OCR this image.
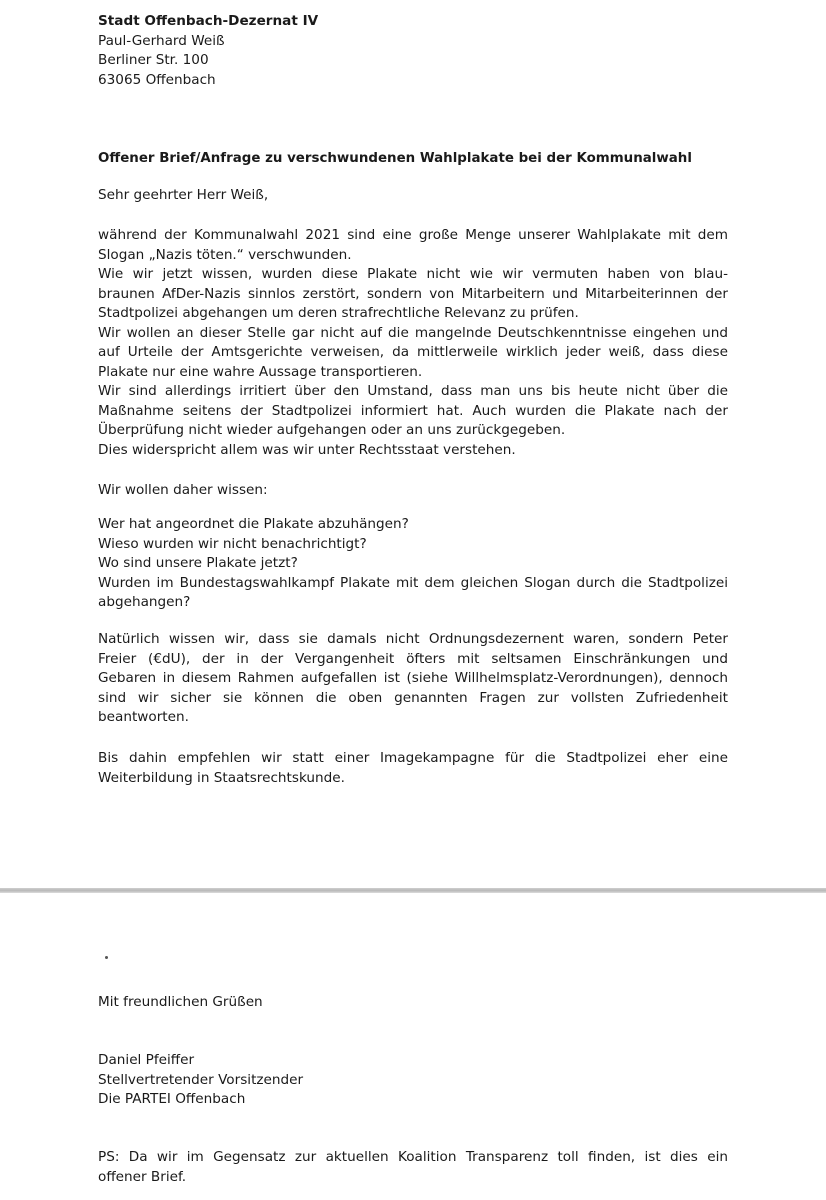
Stadt Offenbach-Dezernat IV
Paul-Gerhard Weiß
Berliner Str. 100
63065 Offenbach
Offener Brief/Anfrage zu verschwundenen Wahlplakate bei der Kommunalwahl
Sehr geehrter Herr Weiß,
während der Kommunalwahl 2021 sind eine große Menge unserer Wahlplakate mit dem
Slogan „Nazis töten.“ verschwunden.
Wie wir jetzt wissen, wurden diese Plakate nicht wie wir vermuten haben von blau-
braunen AfDer-Nazis sinnlos zerstört, sondern von Mitarbeitern und Mitarbeiterinnen der
Stadtpolizei abgehangen um deren strafrechtliche Relevanz zu prüfen.
Wir wollen an dieser Stelle gar nicht auf die mangelnde Deutschkenntnisse eingehen und
auf Urteile der Amtsgerichte verweisen, da mittlerweile wirklich jeder weiß, dass diese
Plakate nur eine wahre Aussage transportieren.
Wir sind allerdings irritiert über den Umstand, dass man uns bis heute nicht über die
Maßnahme seitens der Stadtpolizei informiert hat. Auch wurden die Plakate nach der
Überprüfung nicht wieder aufgehangen oder an uns zurückgegeben.
Dies widerspricht allem was wir unter Rechtsstaat verstehen.
Wir wollen daher wissen:
Wer hat angeordnet die Plakate abzuhängen?
Wieso wurden wir nicht benachrichtigt?
Wo sind unsere Plakate jetzt?
Wurden im Bundestagswahlkampf Plakate mit dem gleichen Slogan durch die Stadtpolizei
abgehangen?
Natürlich wissen wir, dass sie damals nicht Ordnungsdezernent waren, sondern Peter
Freier (€dU), der in der Vergangenheit öfters mit seltsamen Einschränkungen und
Gebaren in diesem Rahmen aufgefallen ist (siehe Willhelmsplatz-Verordnungen), dennoch
sind wir sicher sie können die oben genannten Fragen zur vollsten Zufriedenheit
beantworten.
Bis dahin empfehlen wir statt einer Imagekampagne für die Stadtpolizei eher eine
Weiterbildung in Staatsrechtskunde.
Mit freundlichen Grüßen
Daniel Pfeiffer
Stellvertretender Vorsitzender
Die PARTEI Offenbach
PS: Da wir im Gegensatz zur aktuellen Koalition Transparenz toll finden, ist dies ein
offener Brief.
